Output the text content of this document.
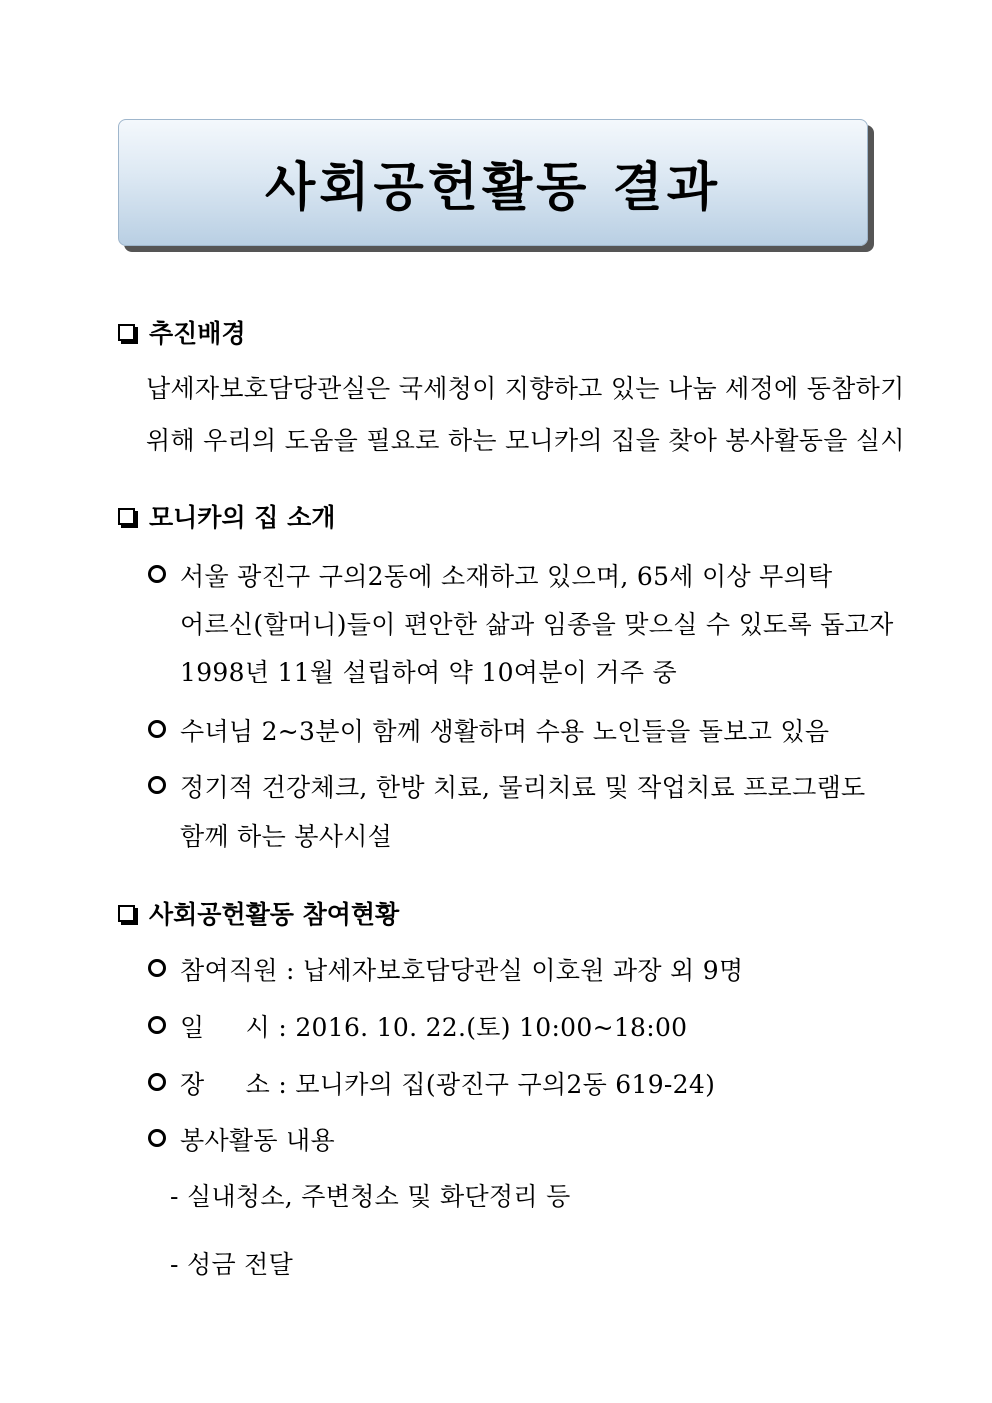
사회공헌활동 결과
추진배경
납세자보호담당관실은 국세청이 지향하고 있는 나눔 세정에 동참하기
위해 우리의 도움을 필요로 하는 모니카의 집을 찾아 봉사활동을 실시
모니카의 집 소개
서울 광진구 구의2동에 소재하고 있으며, 65세 이상 무의탁
어르신(할머니)들이 편안한 삶과 임종을 맞으실 수 있도록 돕고자
1998년 11월 설립하여 약 10여분이 거주 중
수녀님 2~3분이 함께 생활하며 수용 노인들을 돌보고 있음
정기적 건강체크, 한방 치료, 물리치료 및 작업치료 프로그램도
함께 하는 봉사시설
사회공헌활동 참여현황
참여직원 : 납세자보호담당관실 이호원 과장 외 9명
일     시 : 2016. 10. 22.(토) 10:00~18:00
장     소 : 모니카의 집(광진구 구의2동 619-24)
봉사활동 내용
- 실내청소, 주변청소 및 화단정리 등
- 성금 전달
